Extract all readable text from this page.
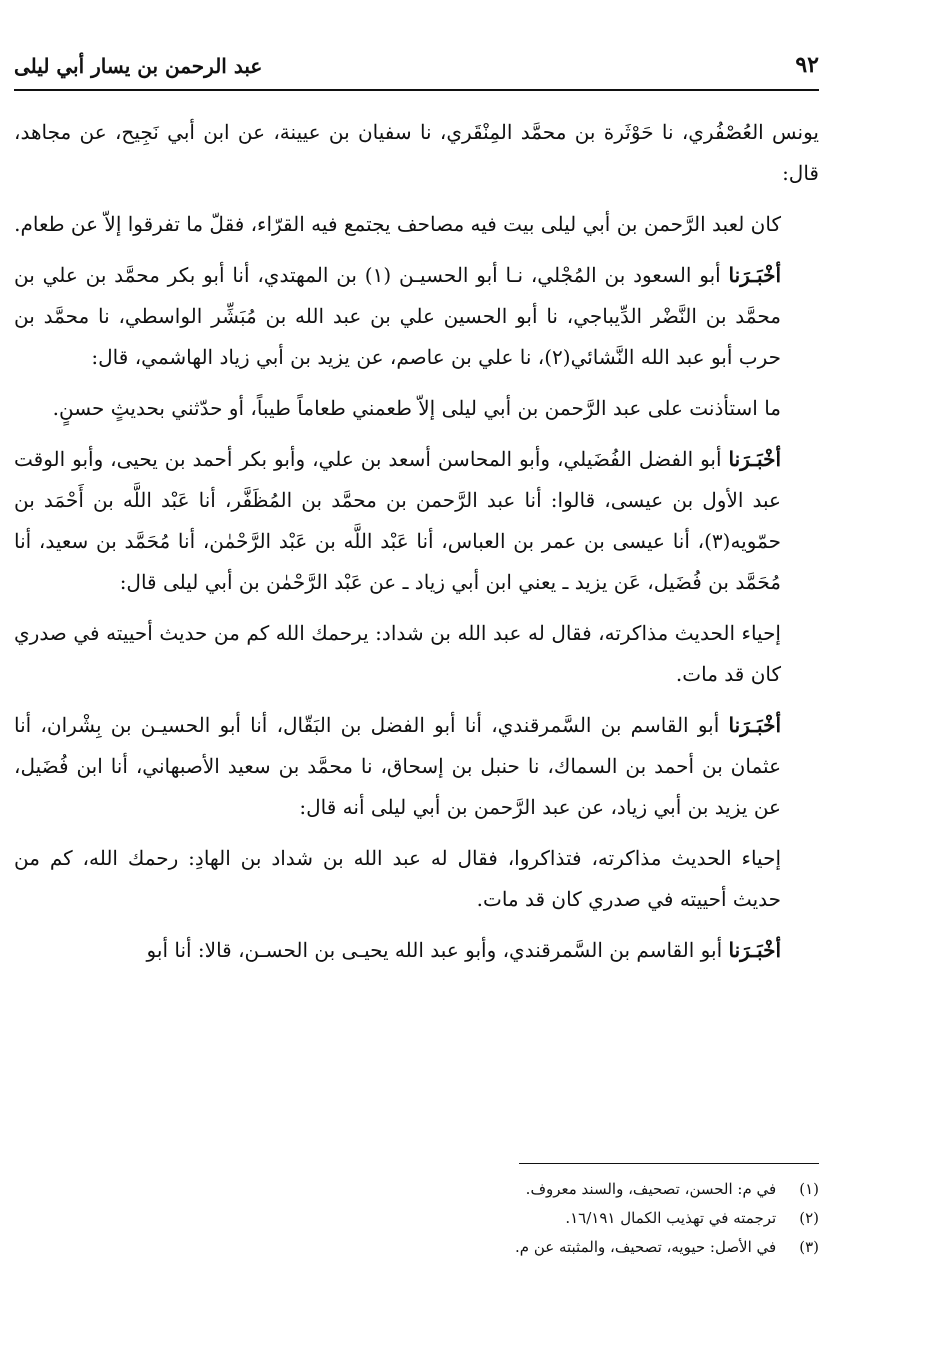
عبد الرحمن بن يسار أبي ليلى	٩٢
يونس العُصْفُري، نا حَوْثَرة بن محمَّد المِنْقَري، نا سفيان بن عيينة، عن ابن أبي نَجِيح، عن مجاهد، قال:
كان لعبد الرَّحمن بن أبي ليلى بيت فيه مصاحف يجتمع فيه القرّاء، فقلّ ما تفرقوا إلاّ عن طعام.
أخْبَـرَنا أبو السعود بن المُجْلي، نـا أبو الحسيـن (١) بن المهتدي، أنا أبو بكر محمَّد بن علي بن محمَّد بن النَّضْر الدِّيباجي، نا أبو الحسين علي بن عبد الله بن مُبَشِّر الواسطي، نا محمَّد بن حرب أبو عبد الله النَّشائي(٢)، نا علي بن عاصم، عن يزيد بن أبي زياد الهاشمي، قال:
ما استأذنت على عبد الرَّحمن بن أبي ليلى إلاّ طعمني طعاماً طيباً، أو حدّثني بحديثٍ حسنٍ.
أخْبَـرَنا أبو الفضل الفُضَيلي، وأبو المحاسن أسعد بن علي، وأبو بكر أحمد بن يحيى، وأبو الوقت عبد الأول بن عيسى، قالوا: أنا عبد الرَّحمن بن محمَّد بن المُظَفَّر، أنا عَبْد اللَّه بن أَحْمَد بن حمّويه(٣)، أنا عيسى بن عمر بن العباس، أنا عَبْد اللَّه بن عَبْد الرَّحْمٰن، أنا مُحَمَّد بن سعيد، أنا مُحَمَّد بن فُضَيل، عَن يزيد ـ يعني ابن أبي زياد ـ عن عَبْد الرَّحْمٰن بن أبي ليلى قال:
إحياء الحديث مذاكرته، فقال له عبد الله بن شداد: يرحمك الله كم من حديث أحييته في صدري كان قد مات.
أخْبَـرَنا أبو القاسم بن السَّمرقندي، أنا أبو الفضل بن البَقّال، أنا أبو الحسيـن بن بِشْران، أنا عثمان بن أحمد بن السماك، نا حنبل بن إسحاق، نا محمَّد بن سعيد الأصبهاني، أنا ابن فُضَيل، عن يزيد بن أبي زياد، عن عبد الرَّحمن بن أبي ليلى أنه قال:
إحياء الحديث مذاكرته، فتذاكروا، فقال له عبد الله بن شداد بن الهادِ: رحمك الله، كم من حديث أحييته في صدري كان قد مات.
أخْبَـرَنا أبو القاسم بن السَّمرقندي، وأبو عبد الله يحيـى بن الحسـن، قالا: أنا أبو
(١) في م: الحسن، تصحيف، والسند معروف.
(٢) ترجمته في تهذيب الكمال ١٦/١٩١.
(٣) في الأصل: حيويه، تصحيف، والمثبته عن م.
